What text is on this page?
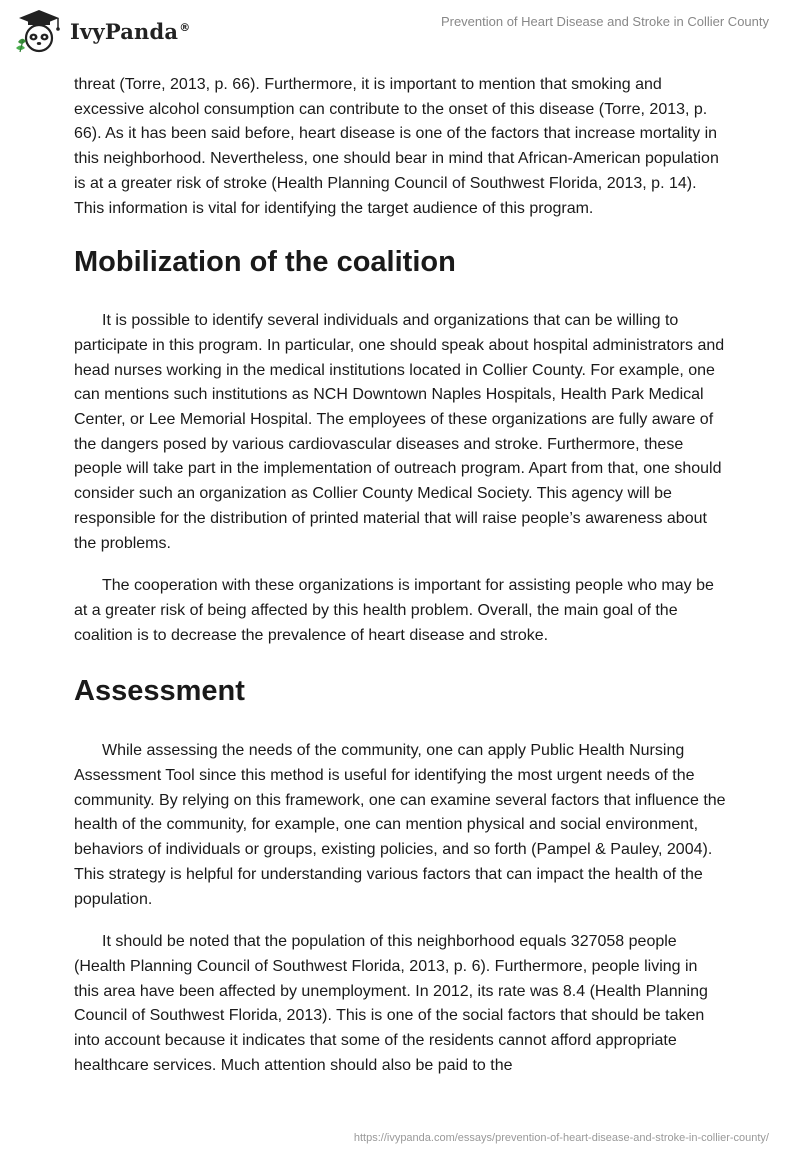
IvyPanda®	Prevention of Heart Disease and Stroke in Collier County

threat (Torre, 2013, p. 66). Furthermore, it is important to mention that smoking and excessive alcohol consumption can contribute to the onset of this disease (Torre, 2013, p. 66). As it has been said before, heart disease is one of the factors that increase mortality in this neighborhood. Nevertheless, one should bear in mind that African-American population is at a greater risk of stroke (Health Planning Council of Southwest Florida, 2013, p. 14). This information is vital for identifying the target audience of this program.

Mobilization of the coalition

It is possible to identify several individuals and organizations that can be willing to participate in this program. In particular, one should speak about hospital administrators and head nurses working in the medical institutions located in Collier County. For example, one can mentions such institutions as NCH Downtown Naples Hospitals, Health Park Medical Center, or Lee Memorial Hospital. The employees of these organizations are fully aware of the dangers posed by various cardiovascular diseases and stroke. Furthermore, these people will take part in the implementation of outreach program. Apart from that, one should consider such an organization as Collier County Medical Society. This agency will be responsible for the distribution of printed material that will raise people’s awareness about the problems.

The cooperation with these organizations is important for assisting people who may be at a greater risk of being affected by this health problem. Overall, the main goal of the coalition is to decrease the prevalence of heart disease and stroke.

Assessment

While assessing the needs of the community, one can apply Public Health Nursing Assessment Tool since this method is useful for identifying the most urgent needs of the community. By relying on this framework, one can examine several factors that influence the health of the community, for example, one can mention physical and social environment, behaviors of individuals or groups, existing policies, and so forth (Pampel & Pauley, 2004). This strategy is helpful for understanding various factors that can impact the health of the population.

It should be noted that the population of this neighborhood equals 327058 people (Health Planning Council of Southwest Florida, 2013, p. 6). Furthermore, people living in this area have been affected by unemployment. In 2012, its rate was 8.4 (Health Planning Council of Southwest Florida, 2013). This is one of the social factors that should be taken into account because it indicates that some of the residents cannot afford appropriate healthcare services. Much attention should also be paid to the

https://ivypanda.com/essays/prevention-of-heart-disease-and-stroke-in-collier-county/
